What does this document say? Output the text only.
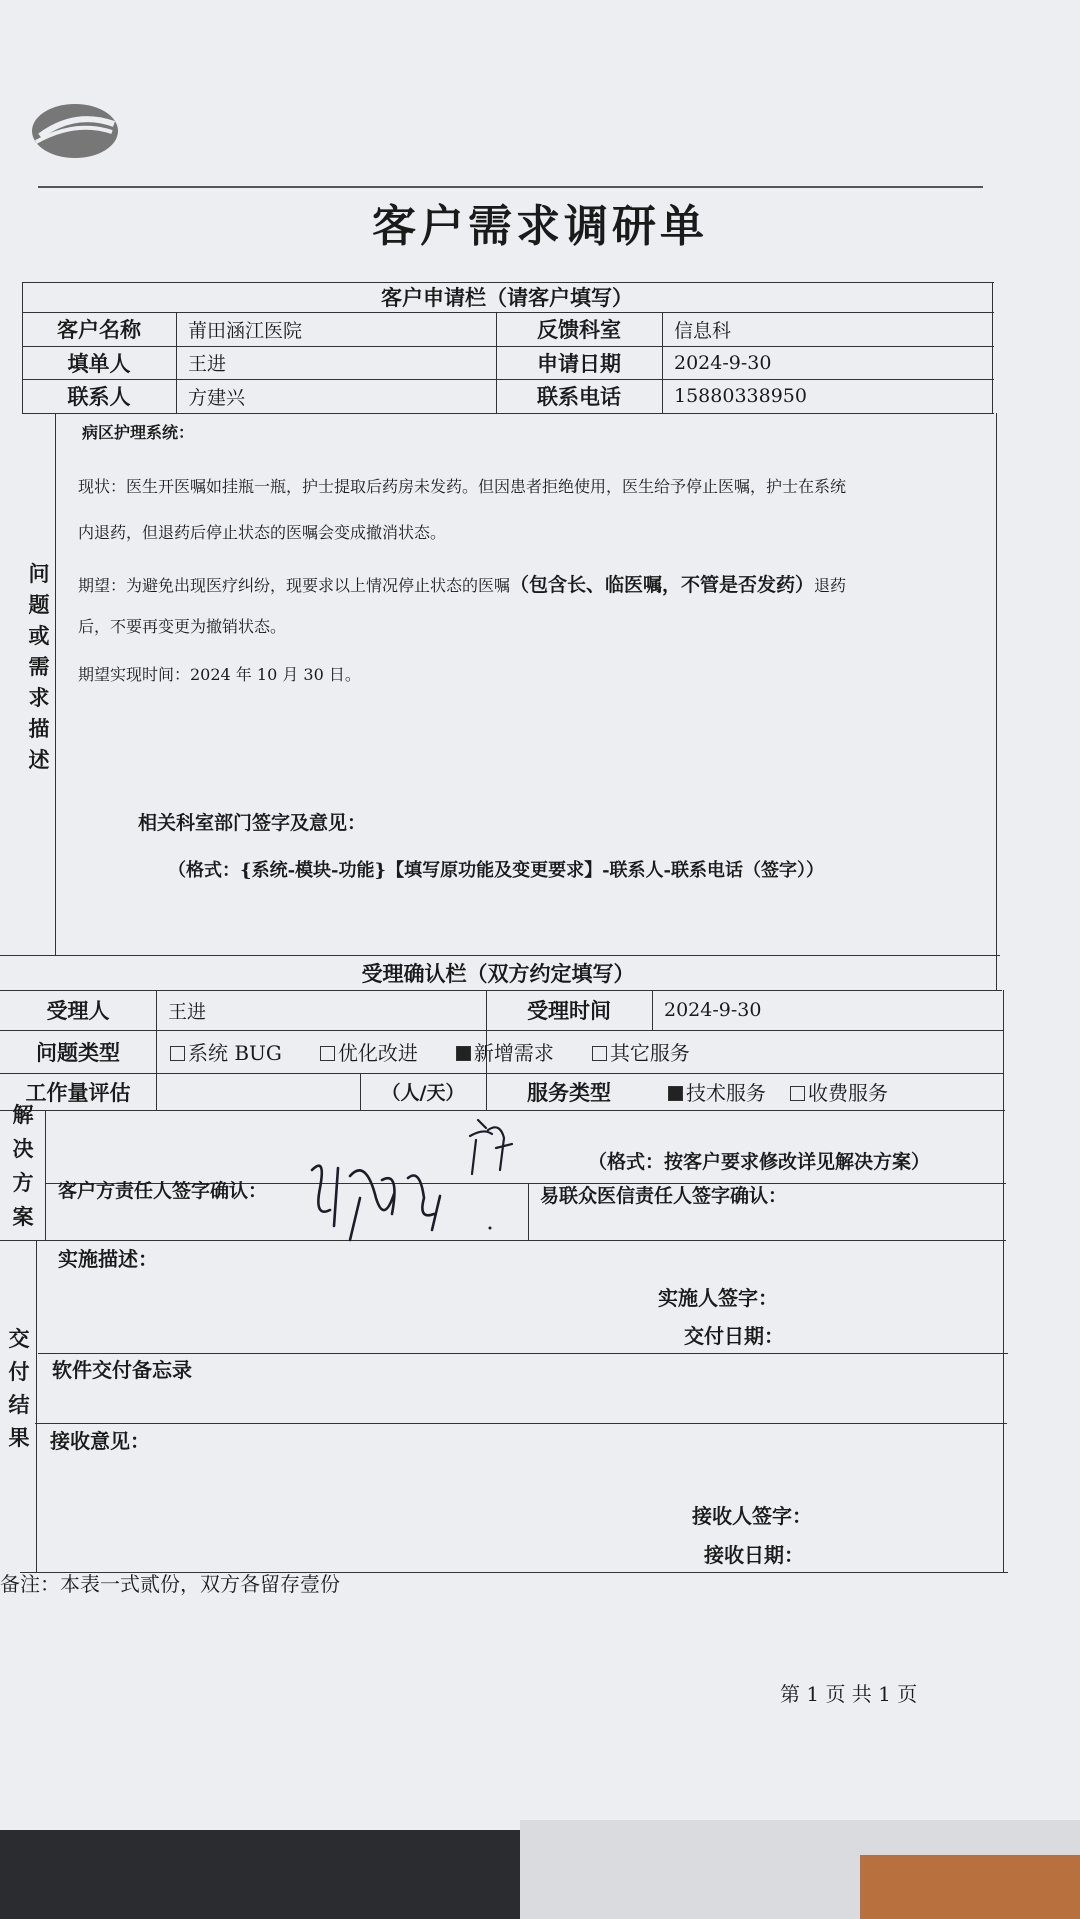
客户需求调研单
客户申请栏（请客户填写）
客户名称	莆田涵江医院	反馈科室	信息科
填单人	王进	申请日期	2024-9-30
联系人	方建兴	联系电话	15880338950
问
题
或
需
求
描
述
病区护理系统：
现状：医生开医嘱如挂瓶一瓶，护士提取后药房未发药。但因患者拒绝使用，医生给予停止医嘱，护士在系统
内退药，但退药后停止状态的医嘱会变成撤消状态。
期望：为避免出现医疗纠纷，现要求以上情况停止状态的医嘱（包含长、临医嘱，不管是否发药）退药
后，不要再变更为撤销状态。
期望实现时间：2024 年 10 月 30 日。
相关科室部门签字及意见：
（格式：{系统-模块-功能}【填写原功能及变更要求】-联系人-联系电话（签字））
受理确认栏（双方约定填写）
受理人	王进	受理时间	2024-9-30
问题类型	系统 BUG	优化改进	新增需求	其它服务
工作量评估	（人/天）	服务类型	技术服务	收费服务
解
决
方
案
（格式：按客户要求修改详见解决方案）
客户方责任人签字确认：	易联众医信责任人签字确认：
交
付
结
果
实施描述：
实施人签字：
交付日期：
软件交付备忘录
接收意见：
接收人签字：
接收日期：
备注：本表一式贰份，双方各留存壹份
第 1 页 共 1 页
